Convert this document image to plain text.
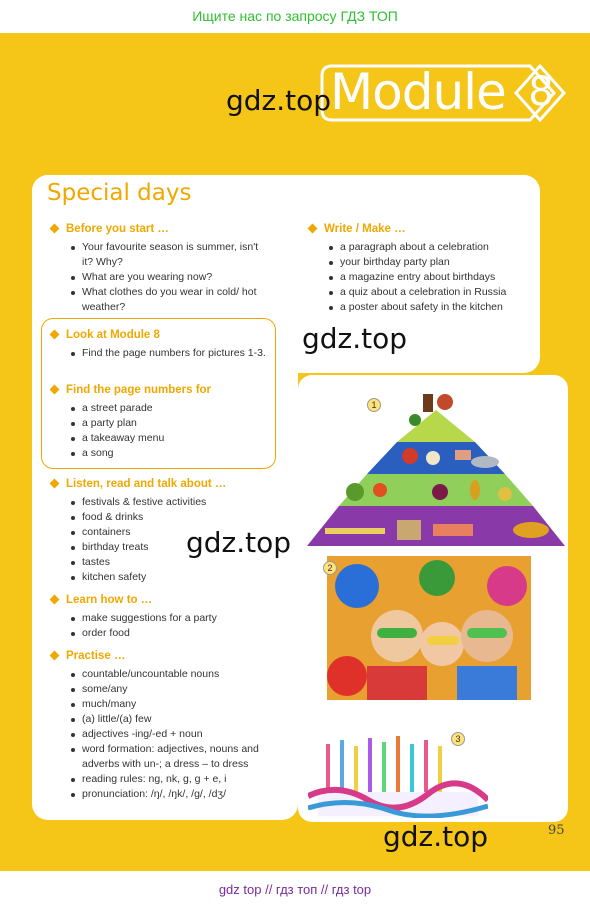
Ищите нас по запросу ГДЗ ТОП
Module 8
gdz.top
Special days
Before you start …
Your favourite season is summer, isn't it? Why?
What are you wearing now?
What clothes do you wear in cold/ hot weather?
Look at Module 8
Find the page numbers for pictures 1-3.
Find the page numbers for
a street parade
a party plan
a takeaway menu
a song
Listen, read and talk about …
festivals & festive activities
food & drinks
containers
birthday treats
tastes
kitchen safety
Learn how to …
make suggestions for a party
order food
Practise …
countable/uncountable nouns
some/any
much/many
(a) little/(a) few
adjectives -ing/-ed + noun
word formation: adjectives, nouns and adverbs with un-; a dress – to dress
reading rules: ng, nk, g, g + e, i
pronunciation: /ŋ/, /ŋk/, /g/, /dʒ/
Write / Make …
a paragraph about a celebration
your birthday party plan
a magazine entry about birthdays
a quiz about a celebration in Russia
a poster about safety in the kitchen
gdz.top
1
gdz.top
2
3
gdz.top	95
gdz top // гдз топ // гдз top
